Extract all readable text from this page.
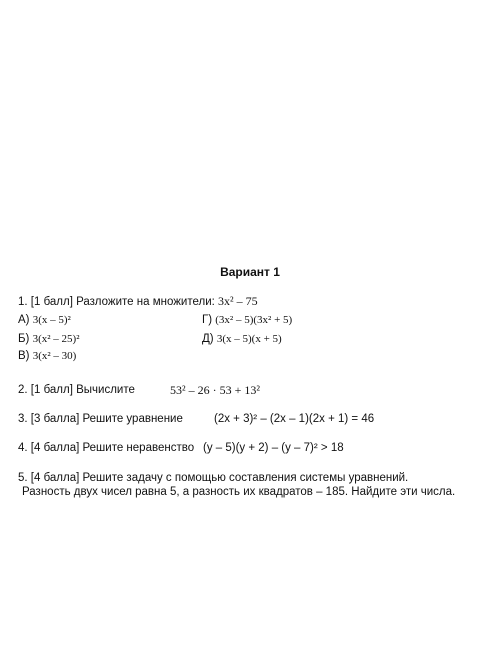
Вариант 1
1. [1 балл] Разложите на множители: 3x² – 75
А) 3(x – 5)²
Б) 3(x² – 25)²
В) 3(x² – 30)
Г) (3x² – 5)(3x² + 5)
Д) 3(x – 5)(x + 5)
2. [1 балл] Вычислите	53² – 26 · 53 + 13²
3. [3 балла] Решите уравнение	(2x + 3)² – (2x – 1)(2x + 1) = 46
4. [4 балла] Решите неравенство (y – 5)(y + 2) – (y – 7)² > 18
5. [4 балла] Решите задачу с помощью составления системы уравнений.
Разность двух чисел равна 5, а разность их квадратов – 185. Найдите эти числа.
